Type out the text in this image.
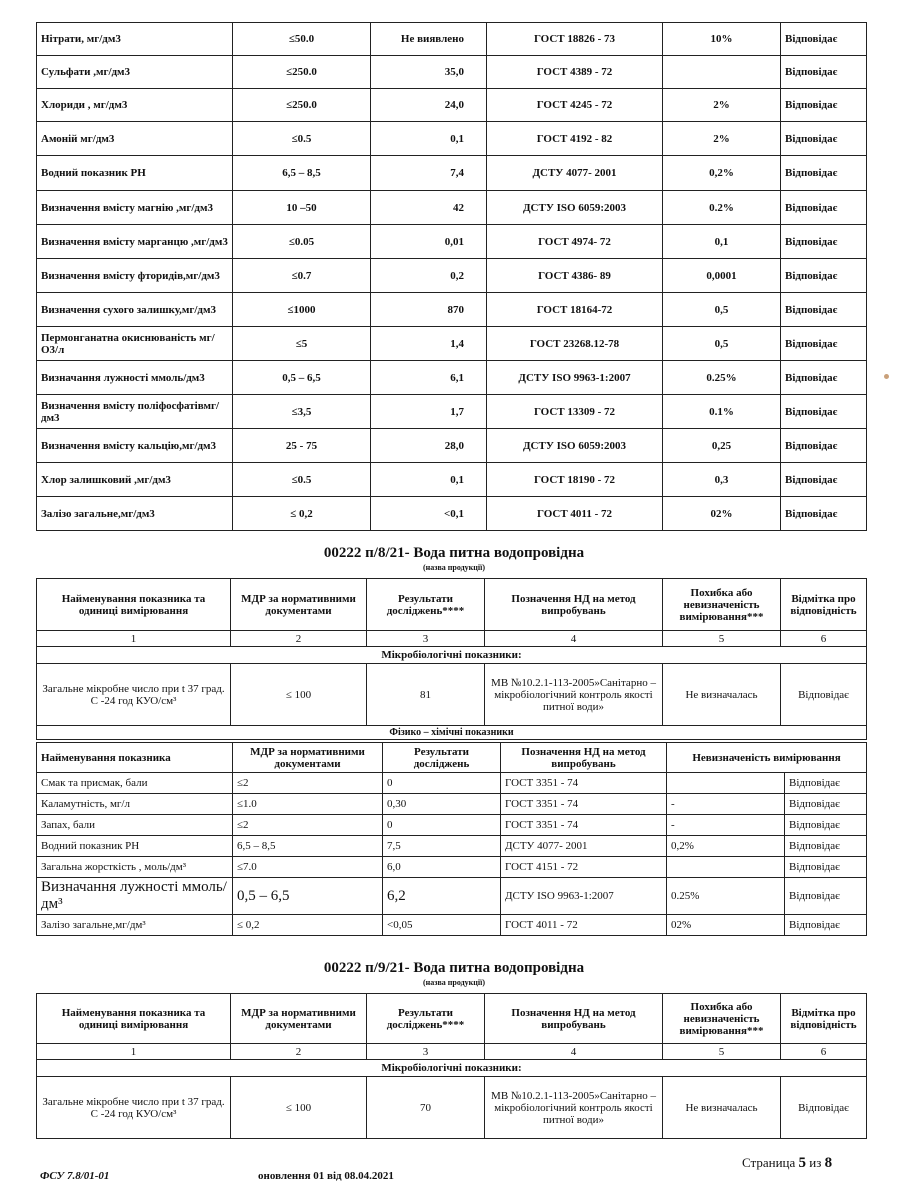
Нітрати, мг/дм3	≤50.0	Не виявлено	ГОСТ 18826 - 73	10%	Відповідає
Сульфати ,мг/дм3	≤250.0	35,0	ГОСТ 4389 - 72		Відповідає
Хлориди , мг/дм3	≤250.0	24,0	ГОСТ 4245 - 72	2%	Відповідає
Амоній мг/дм3	≤0.5	0,1	ГОСТ 4192 - 82	2%	Відповідає
Водний показник РН	6,5 – 8,5	7,4	ДСТУ 4077- 2001	0,2%	Відповідає
Визначення вмісту магнію ,мг/дм3	10 –50	42	ДСТУ ISO 6059:2003	0.2%	Відповідає
Визначення вмісту марганцю ,мг/дм3	≤0.05	0,01	ГОСТ 4974- 72	0,1	Відповідає
Визначення вмісту фторидів,мг/дм3	≤0.7	0,2	ГОСТ 4386- 89	0,0001	Відповідає
Визначення сухого залишку,мг/дм3	≤1000	870	ГОСТ 18164-72	0,5	Відповідає
Пермонганатна окиснюваність мг/О3/л	≤5	1,4	ГОСТ 23268.12-78	0,5	Відповідає
Визначання лужності ммоль/дм3	0,5 – 6,5	6,1	ДСТУ ISO 9963-1:2007	0.25%	Відповідає
Визначення вмісту поліфосфатівмг/дм3	≤3,5	1,7	ГОСТ 13309 - 72	0.1%	Відповідає
Визначення вмісту кальцію,мг/дм3	25 - 75	28,0	ДСТУ ISO 6059:2003	0,25	Відповідає
Хлор залишковий ,мг/дм3	≤0.5	0,1	ГОСТ 18190 - 72	0,3	Відповідає
Залізо загальне,мг/дм3	≤ 0,2	<0,1	ГОСТ 4011 - 72	02%	Відповідає
00222 п/8/21- Вода питна водопровідна
(назва продукції)
Найменування показника та одиниці вимірювання	МДР за нормативними документами	Результати досліджень****	Позначення НД на метод випробувань	Похибка або невизначеність вимірювання***	Відмітка про відповідність
1	2	3	4	5	6
Мікробіологічні показники:					
Загальне мікробне число при t 37 град. С -24 год КУО/см³	≤ 100	81	МВ №10.2.1-113-2005»Санітарно – мікробіологічний контроль якості питної води»	Не визначалась	Відповідає
Фізико – хімічні показники					
Найменування показника	МДР за нормативними документами	Результати досліджень	Позначення НД на метод випробувань	Невизначеність вимірювання	
Смак та присмак, бали	≤2	0	ГОСТ 3351 - 74		Відповідає
Каламутність, мг/л	≤1.0	0,30	ГОСТ 3351 - 74	-	Відповідає
Запах, бали	≤2	0	ГОСТ 3351 - 74	-	Відповідає
Водний показник РН	6,5 – 8,5	7,5	ДСТУ 4077- 2001	0,2%	Відповідає
Загальна жорсткість , моль/дм³	≤7.0	6,0	ГОСТ 4151 - 72		Відповідає
Визначання лужності ммоль/дм³	0,5 – 6,5	6,2	ДСТУ ISO 9963-1:2007	0.25%	Відповідає
Залізо загальне,мг/дм³	≤ 0,2	<0,05	ГОСТ 4011 - 72	02%	Відповідає
00222 п/9/21- Вода питна водопровідна
(назва продукції)
Найменування показника та одиниці вимірювання	МДР за нормативними документами	Результати досліджень****	Позначення НД на метод випробувань	Похибка або невизначеність вимірювання***	Відмітка про відповідність
1	2	3	4	5	6
Мікробіологічні показники:					
Загальне мікробне число при t 37 град. С -24 год КУО/см³	≤ 100	70	МВ №10.2.1-113-2005»Санітарно – мікробіологічний контроль якості питної води»	Не визначалась	Відповідає
Страница 5 из 8
ФСУ 7.8/01-01	оновлення 01 від 08.04.2021
